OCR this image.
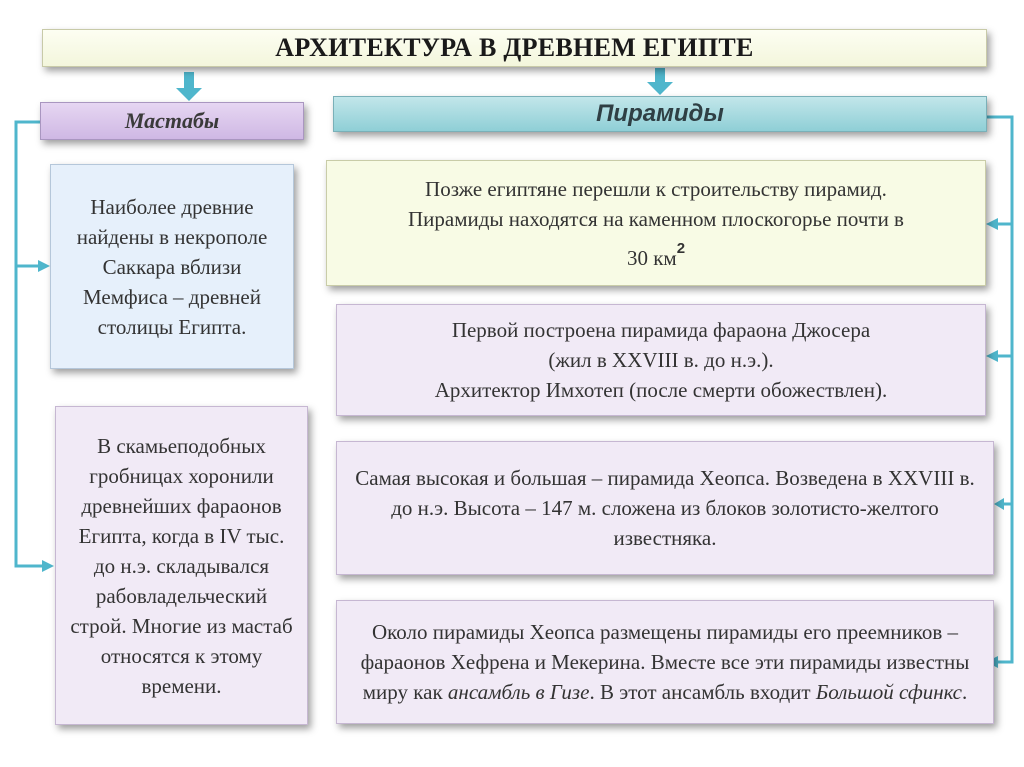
АРХИТЕКТУРА В ДРЕВНЕМ ЕГИПТЕ
Мастабы	Пирамиды

Наиболее древние найдены в некрополе Саккара вблизи Мемфиса – древней столицы Египта.

В скамьеподобных гробницах хоронили древнейших фараонов Египта, когда в IV тыс. до н.э. складывался рабовладельческий строй. Многие из мастаб относятся к этому времени.

Позже египтяне перешли к строительству пирамид.
Пирамиды находятся на каменном плоскогорье почти в
30 $км^2$

Первой построена пирамида фараона Джосера
(жил в XXVIII в. до н.э.).
Архитектор Имхотеп (после смерти обожествлен).

Самая высокая и большая – пирамида Хеопса. Возведена в XXVIII в. до н.э. Высота – 147 м. сложена из блоков золотисто-желтого известняка.

Около пирамиды Хеопса размещены пирамиды его преемников – фараонов Хефрена и Мекерина. Вместе все эти пирамиды известны миру как ансамбль в Гизе. В этот ансамбль входит Большой сфинкс.
